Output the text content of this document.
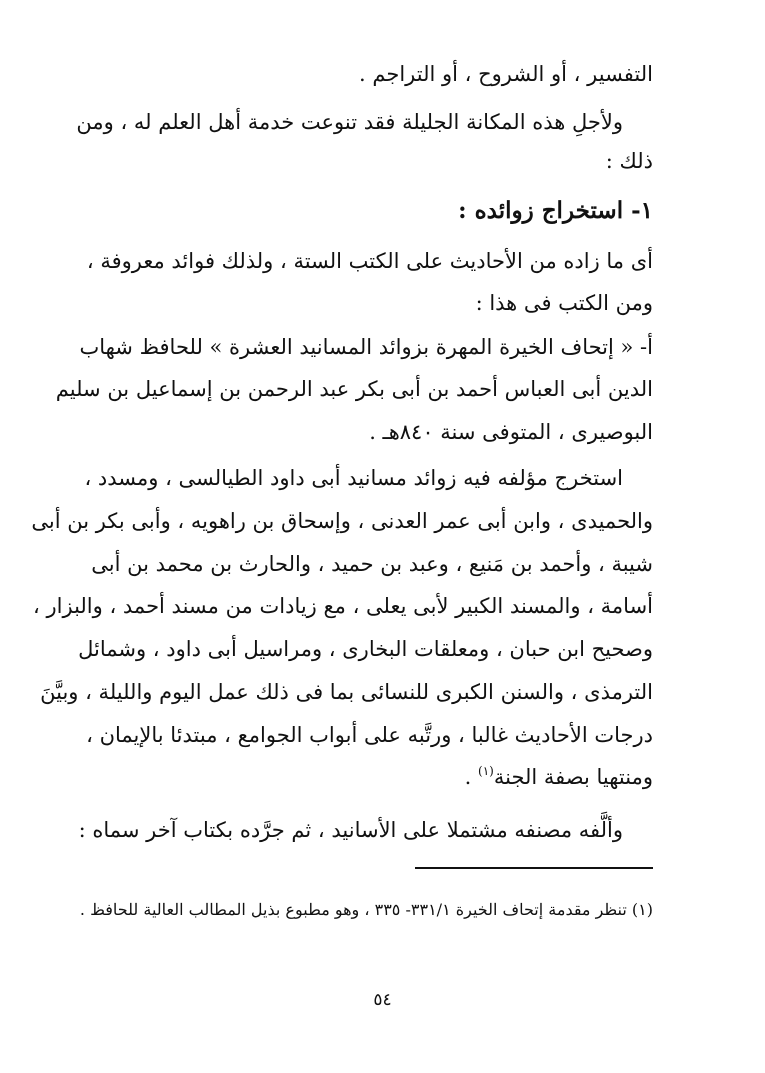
التفسير ، أو الشروح ، أو التراجم .
ولأجلِ هذه المكانة الجليلة فقد تنوعت خدمة أهل العلم له ، ومن
ذلك :
١- استخراج زوائده :
أى ما زاده من الأحاديث على الكتب الستة ، ولذلك فوائد معروفة ،
ومن الكتب فى هذا :
أ- « إتحاف الخيرة المهرة بزوائد المسانيد العشرة » للحافظ شهاب
الدين أبى العباس أحمد بن أبى بكر عبد الرحمن بن إسماعيل بن سليم
البوصيرى ، المتوفى سنة ٨٤٠هـ .
استخرج مؤلفه فيه زوائد مسانيد أبى داود الطيالسى ، ومسدد ،
والحميدى ، وابن أبى عمر العدنى ، وإسحاق بن راهويه ، وأبى بكر بن أبى
شيبة ، وأحمد بن مَنيع ، وعبد بن حميد ، والحارث بن محمد بن أبى
أسامة ، والمسند الكبير لأبى يعلى ، مع زيادات من مسند أحمد ، والبزار ،
وصحيح ابن حبان ، ومعلقات البخارى ، ومراسيل أبى داود ، وشمائل
الترمذى ، والسنن الكبرى للنسائى بما فى ذلك عمل اليوم والليلة ، وبيَّنَ
درجات الأحاديث غالبا ، ورتَّبه على أبواب الجوامع ، مبتدئا بالإيمان ،
ومنتهيا بصفة الجنة$^{(١)}$ .
وألَّفه مصنفه مشتملا على الأسانيد ، ثم جرَّده بكتاب آخر سماه :
(١) تنظر مقدمة إتحاف الخيرة ٣٣١/١- ٣٣٥ ، وهو مطبوع بذيل المطالب العالية للحافظ .
٥٤
